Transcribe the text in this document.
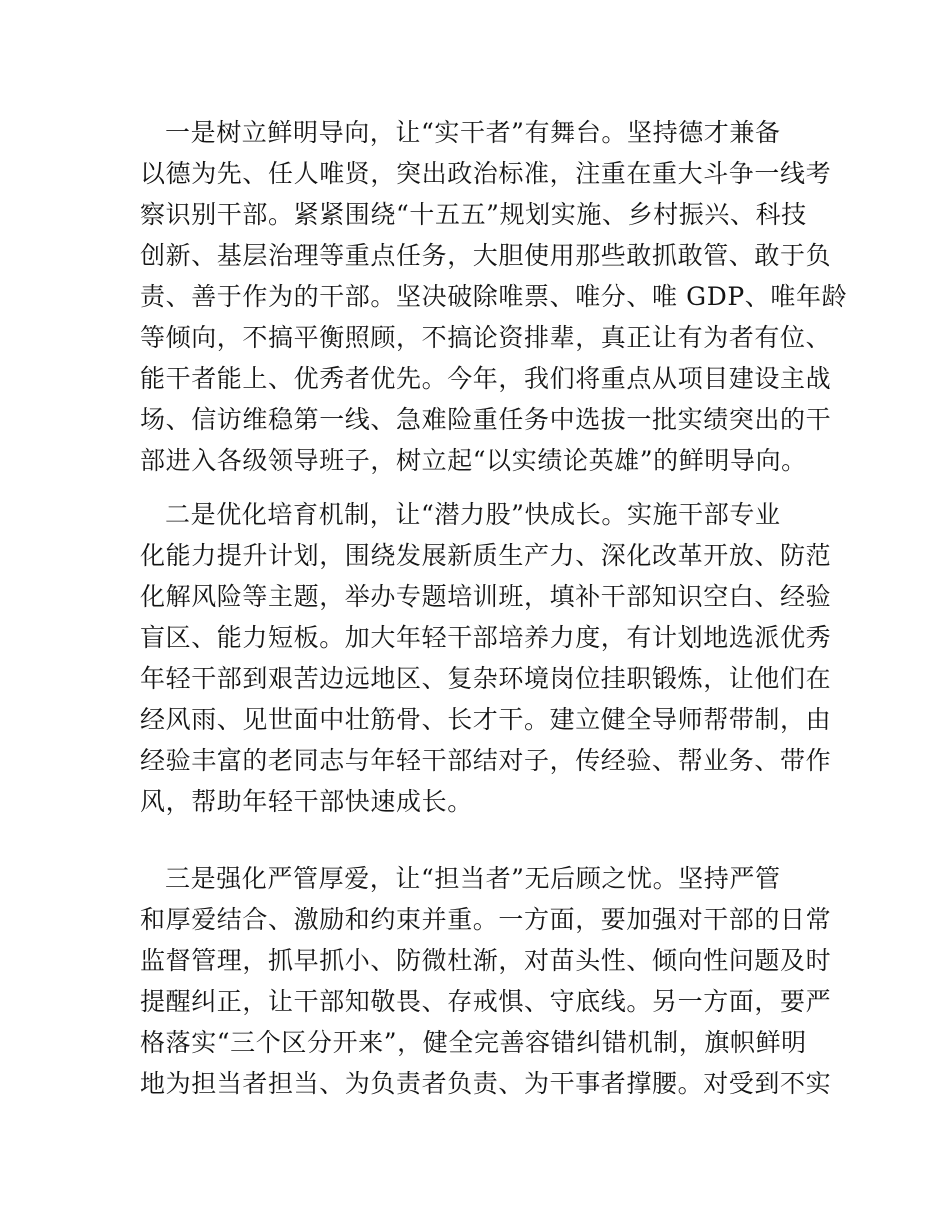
一是树立鲜明导向，让“实干者”有舞台。坚持德才兼备
以德为先、任人唯贤，突出政治标准，注重在重大斗争一线考
察识别干部。紧紧围绕“十五五”规划实施、乡村振兴、科技
创新、基层治理等重点任务，大胆使用那些敢抓敢管、敢于负
责、善于作为的干部。坚决破除唯票、唯分、唯 GDP、唯年龄
等倾向，不搞平衡照顾，不搞论资排辈，真正让有为者有位、
能干者能上、优秀者优先。今年，我们将重点从项目建设主战
场、信访维稳第一线、急难险重任务中选拔一批实绩突出的干
部进入各级领导班子，树立起“以实绩论英雄”的鲜明导向。
二是优化培育机制，让“潜力股”快成长。实施干部专业
化能力提升计划，围绕发展新质生产力、深化改革开放、防范
化解风险等主题，举办专题培训班，填补干部知识空白、经验
盲区、能力短板。加大年轻干部培养力度，有计划地选派优秀
年轻干部到艰苦边远地区、复杂环境岗位挂职锻炼，让他们在
经风雨、见世面中壮筋骨、长才干。建立健全导师帮带制，由
经验丰富的老同志与年轻干部结对子，传经验、帮业务、带作
风，帮助年轻干部快速成长。
三是强化严管厚爱，让“担当者”无后顾之忧。坚持严管
和厚爱结合、激励和约束并重。一方面，要加强对干部的日常
监督管理，抓早抓小、防微杜渐，对苗头性、倾向性问题及时
提醒纠正，让干部知敬畏、存戒惧、守底线。另一方面，要严
格落实“三个区分开来”，健全完善容错纠错机制，旗帜鲜明
地为担当者担当、为负责者负责、为干事者撑腰。对受到不实
